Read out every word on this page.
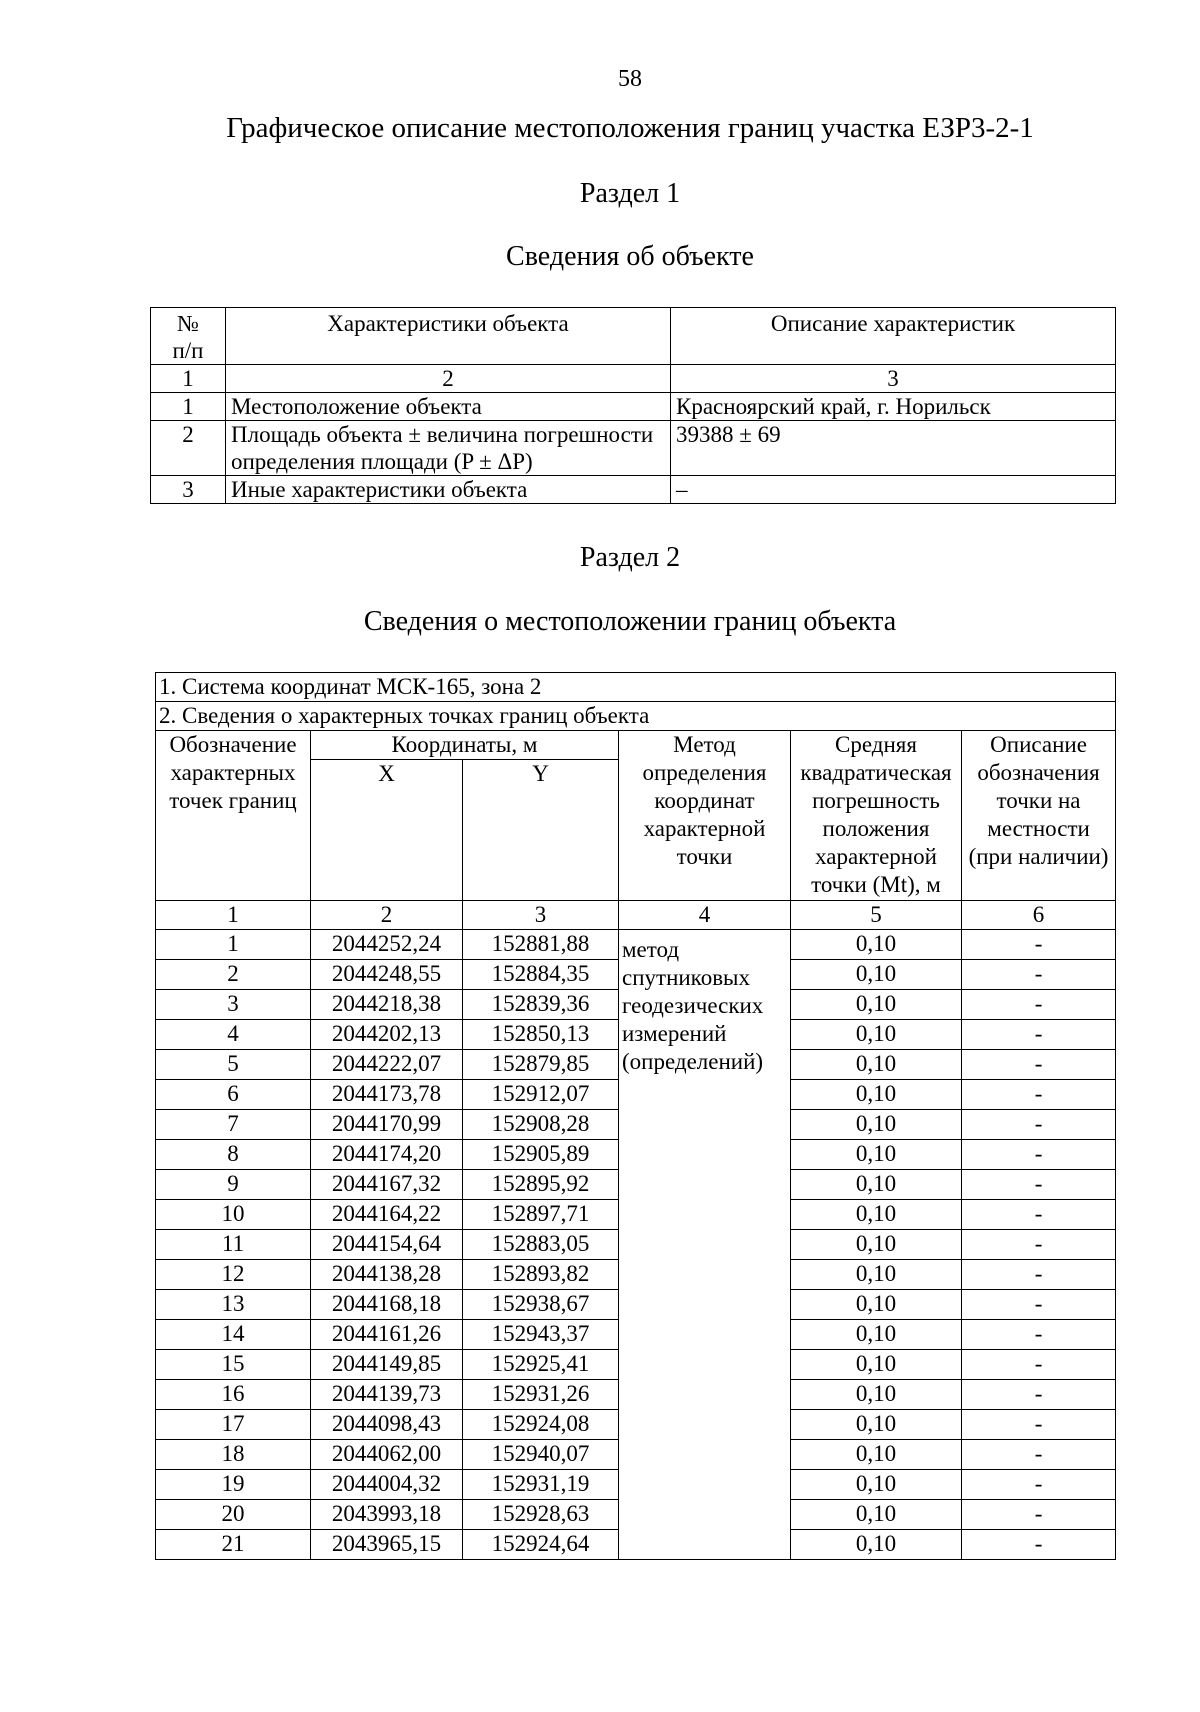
58
Графическое описание местоположения границ участка ЕЗР3-2-1
Раздел 1
Сведения об объекте
№
п/п	Характеристики объекта	Описание характеристик
1	2	3
1	Местоположение объекта	Красноярский край, г. Норильск
2	Площадь объекта ± величина погрешности определения площади (P ± ΔP)	39388 ± 69
3	Иные характеристики объекта	–
Раздел 2
Сведения о местоположении границ объекта
1. Система координат МСК-165, зона 2					
2. Сведения о характерных точках границ объекта					
Обозначение характерных точек границ	Координаты, м		Метод определения координат характерной точки	Средняя квадратическая погрешность положения характерной точки (Mt), м	Описание обозначения точки на местности (при наличии)
	X	Y			
1	2	3	4	5	6
1	2044252,24	152881,88	метод спутниковых геодезических измерений (определений)	0,10	-
2	2044248,55	152884,35		0,10	-
3	2044218,38	152839,36		0,10	-
4	2044202,13	152850,13		0,10	-
5	2044222,07	152879,85		0,10	-
6	2044173,78	152912,07		0,10	-
7	2044170,99	152908,28		0,10	-
8	2044174,20	152905,89		0,10	-
9	2044167,32	152895,92		0,10	-
10	2044164,22	152897,71		0,10	-
11	2044154,64	152883,05		0,10	-
12	2044138,28	152893,82		0,10	-
13	2044168,18	152938,67		0,10	-
14	2044161,26	152943,37		0,10	-
15	2044149,85	152925,41		0,10	-
16	2044139,73	152931,26		0,10	-
17	2044098,43	152924,08		0,10	-
18	2044062,00	152940,07		0,10	-
19	2044004,32	152931,19		0,10	-
20	2043993,18	152928,63		0,10	-
21	2043965,15	152924,64		0,10	-
